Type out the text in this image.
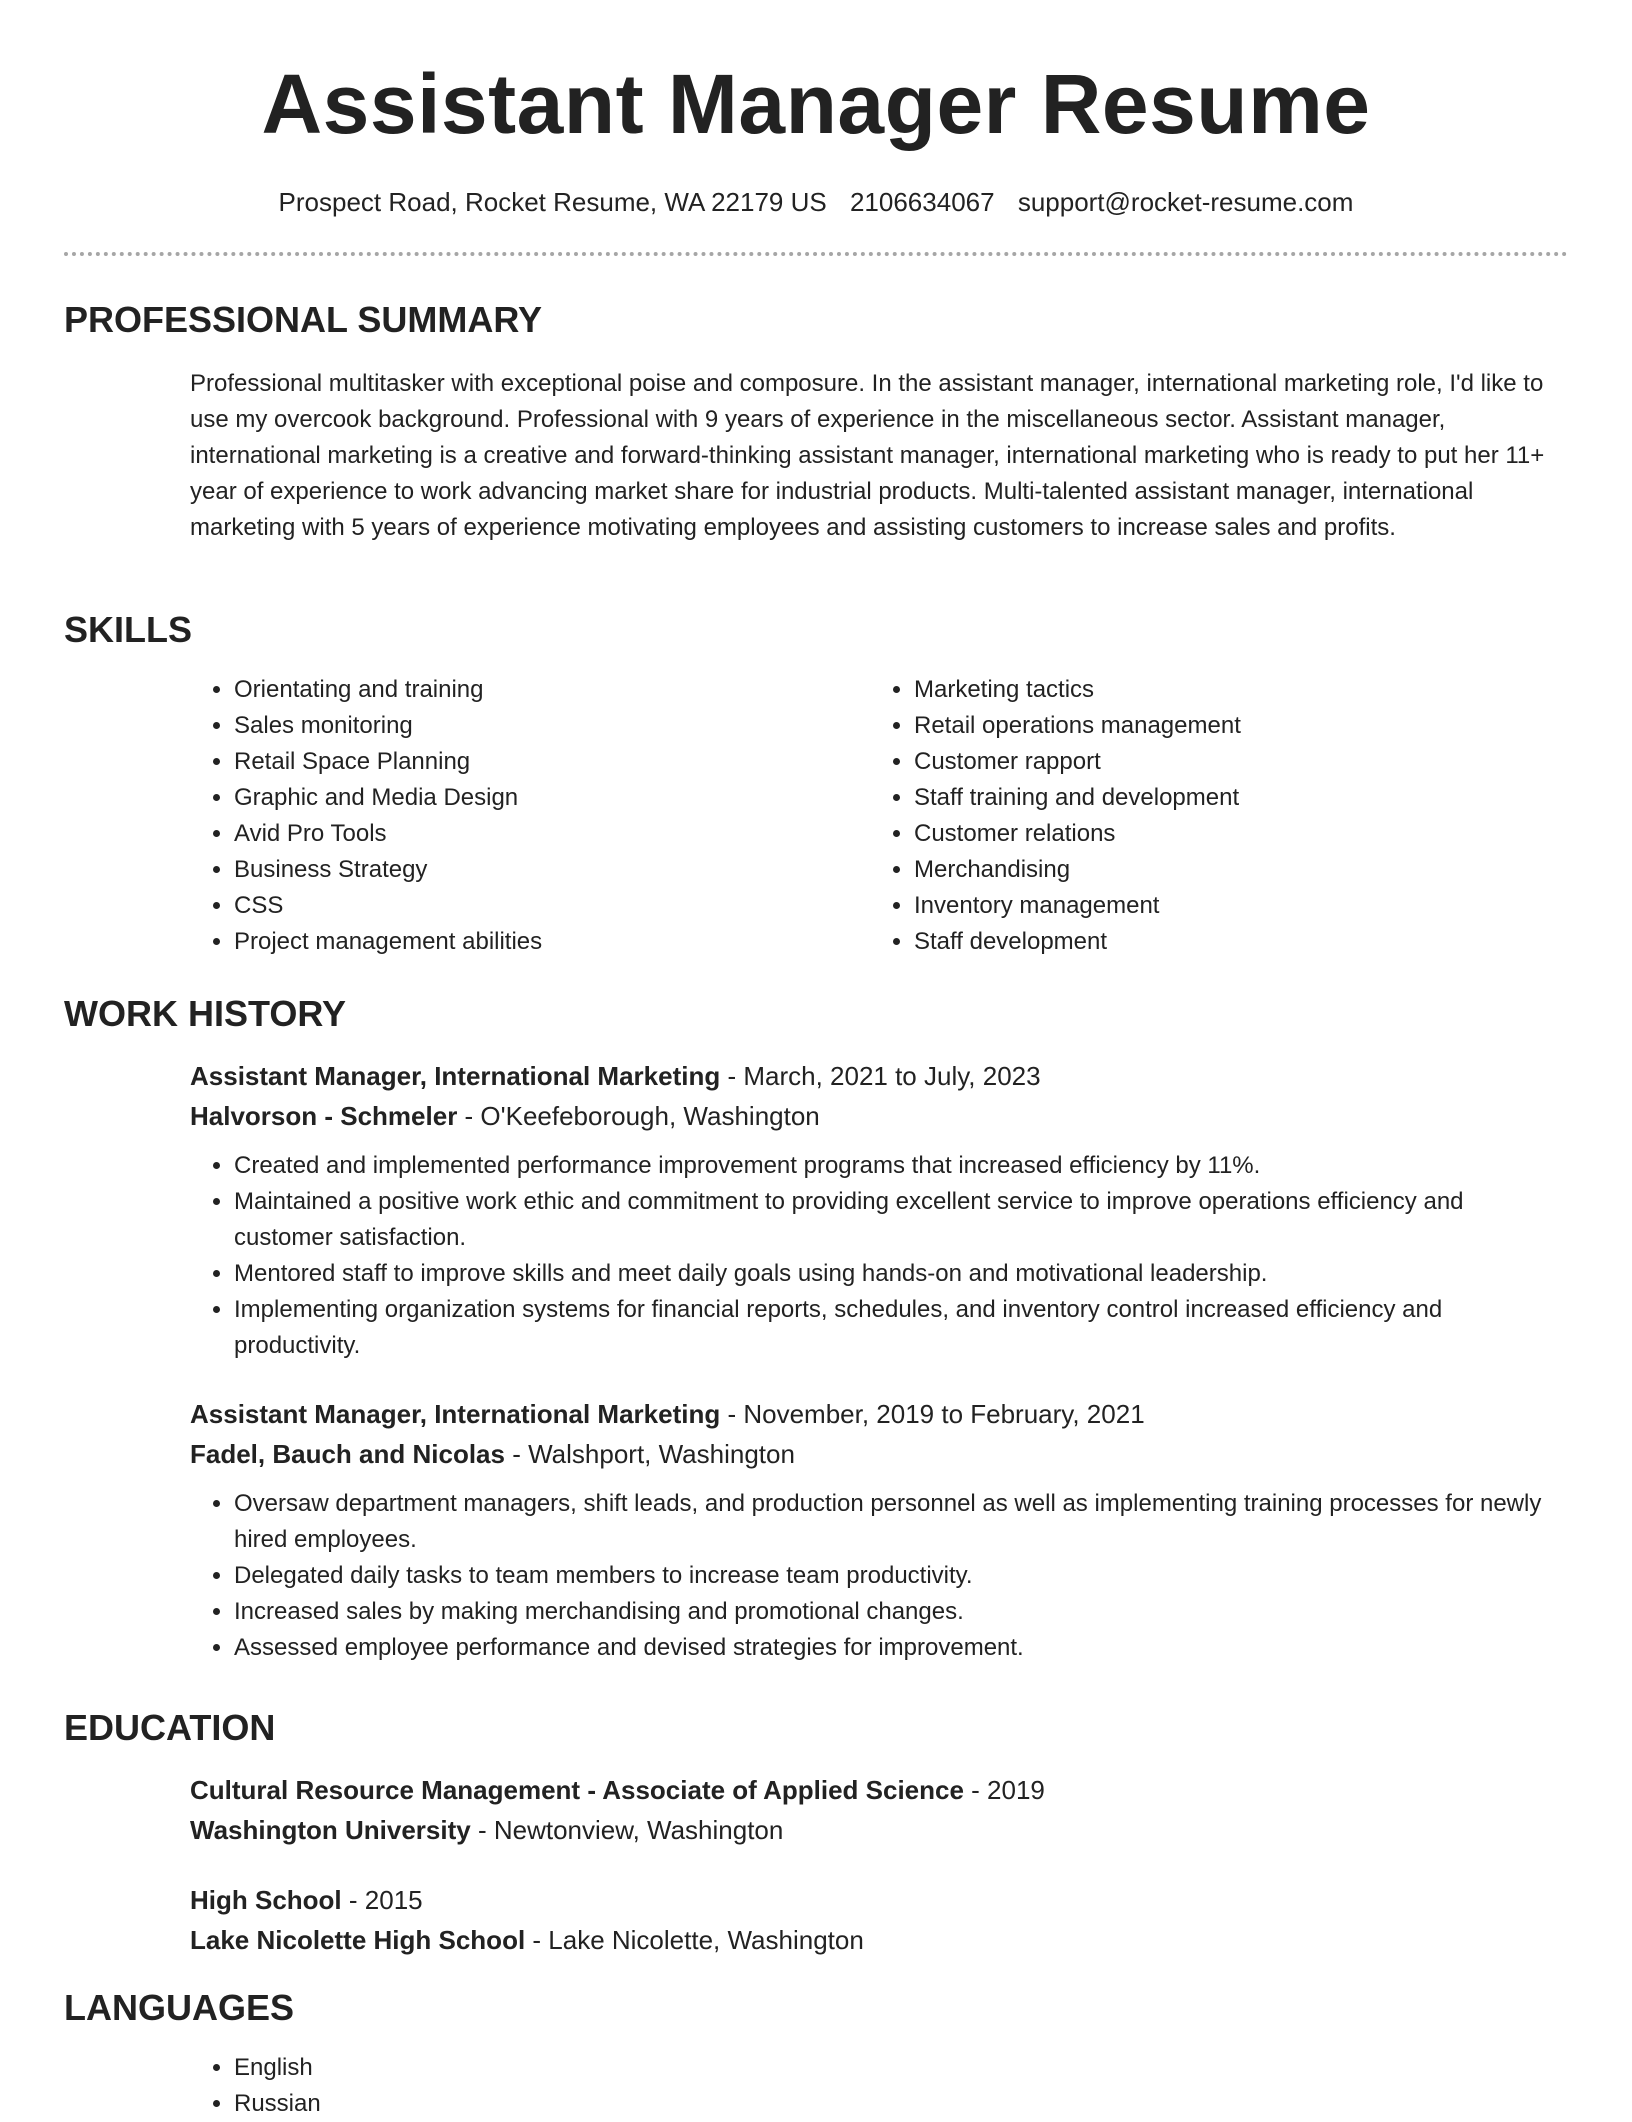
Assistant Manager Resume
Prospect Road, Rocket Resume, WA 22179 US 2106634067 support@rocket-resume.com
PROFESSIONAL SUMMARY

Professional multitasker with exceptional poise and composure. In the assistant manager, international marketing role, I'd like to use my overcook background. Professional with 9 years of experience in the miscellaneous sector. Assistant manager, international marketing is a creative and forward-thinking assistant manager, international marketing who is ready to put her 11+ year of experience to work advancing market share for industrial products. Multi-talented assistant manager, international marketing with 5 years of experience motivating employees and assisting customers to increase sales and profits.

SKILLS
• Orientating and training
• Sales monitoring
• Retail Space Planning
• Graphic and Media Design
• Avid Pro Tools
• Business Strategy
• CSS
• Project management abilities
• Marketing tactics
• Retail operations management
• Customer rapport
• Staff training and development
• Customer relations
• Merchandising
• Inventory management
• Staff development
WORK HISTORY
Assistant Manager, International Marketing - March, 2021 to July, 2023
Halvorson - Schmeler - O'Keefeborough, Washington
• Created and implemented performance improvement programs that increased efficiency by 11%.
• Maintained a positive work ethic and commitment to providing excellent service to improve operations efficiency and customer satisfaction.
• Mentored staff to improve skills and meet daily goals using hands-on and motivational leadership.
• Implementing organization systems for financial reports, schedules, and inventory control increased efficiency and productivity.
Assistant Manager, International Marketing - November, 2019 to February, 2021
Fadel, Bauch and Nicolas - Walshport, Washington
• Oversaw department managers, shift leads, and production personnel as well as implementing training processes for newly hired employees.
• Delegated daily tasks to team members to increase team productivity.
• Increased sales by making merchandising and promotional changes.
• Assessed employee performance and devised strategies for improvement.
EDUCATION
Cultural Resource Management - Associate of Applied Science - 2019
Washington University - Newtonview, Washington
High School - 2015
Lake Nicolette High School - Lake Nicolette, Washington
LANGUAGES
• English
• Russian
